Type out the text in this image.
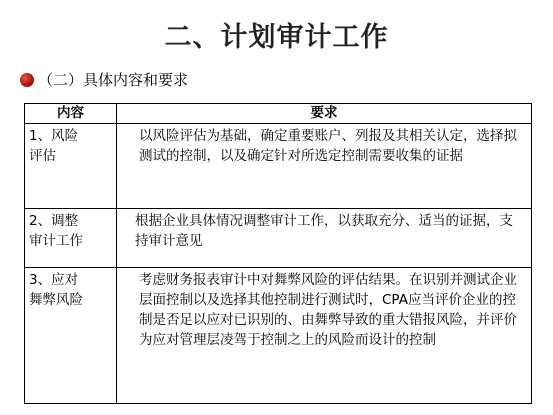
二、计划审计工作
（二）具体内容和要求
内容	要求

1、风险
评估	以风险评估为基础，确定重要账户、列报及其相关认定，选择拟测试的控制，以及确定针对所选定控制需要收集的证据

2、调整
审计工作	根据企业具体情况调整审计工作，以获取充分、适当的证据，支持审计意见

3、应对
舞弊风险	考虑财务报表审计中对舞弊风险的评估结果。在识别并测试企业层面控制以及选择其他控制进行测试时，CPA应当评价企业的控制是否足以应对已识别的、由舞弊导致的重大错报风险，并评价为应对管理层凌驾于控制之上的风险而设计的控制
